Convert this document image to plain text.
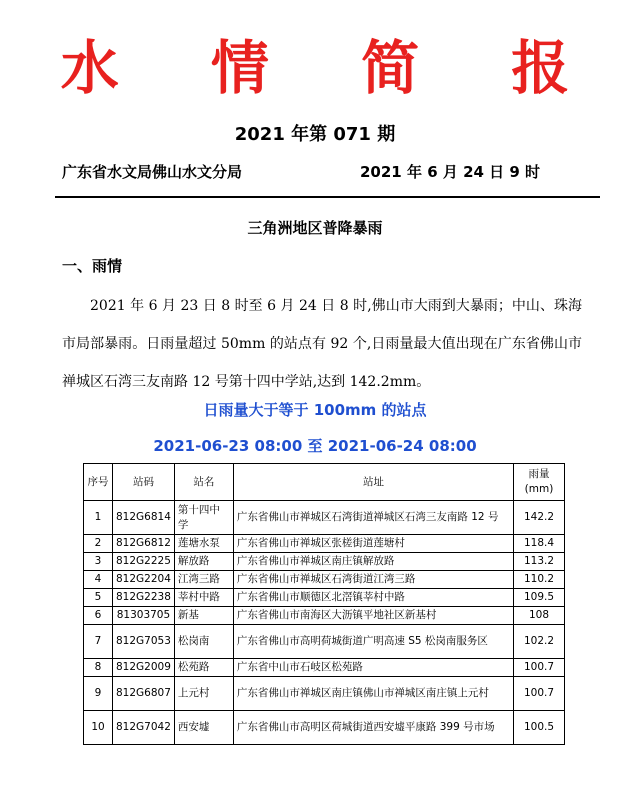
水 情 简 报
2021 年第 071 期
广东省水文局佛山水文分局	2021 年 6 月 24 日 9 时
三角洲地区普降暴雨
一、雨情
2021 年 6 月 23 日 8 时至 6 月 24 日 8 时,佛山市大雨到大暴雨；中山、珠海市局部暴雨。日雨量超过 50mm 的站点有 92 个,日雨量最大值出现在广东省佛山市禅城区石湾三友南路 12 号第十四中学站,达到 142.2mm。
日雨量大于等于 100mm 的站点
2021-06-23 08:00 至 2021-06-24 08:00
序号	站码	站名	站址	雨量(mm)
1	812G6814	第十四中学	广东省佛山市禅城区石湾街道禅城区石湾三友南路 12 号	142.2
2	812G6812	莲塘水泵	广东省佛山市禅城区张槎街道莲塘村	118.4
3	812G2225	解放路	广东省佛山市禅城区南庄镇解放路	113.2
4	812G2204	江湾三路	广东省佛山市禅城区石湾街道江湾三路	110.2
5	812G2238	莘村中路	广东省佛山市顺德区北滘镇莘村中路	109.5
6	81303705	新基	广东省佛山市南海区大沥镇平地社区新基村	108
7	812G7053	松岗南	广东省佛山市高明荷城街道广明高速 S5 松岗南服务区	102.2
8	812G2009	松苑路	广东省中山市石岐区松苑路	100.7
9	812G6807	上元村	广东省佛山市禅城区南庄镇佛山市禅城区南庄镇上元村	100.7
10	812G7042	西安墟	广东省佛山市高明区荷城街道西安墟平康路 399 号市场	100.5
